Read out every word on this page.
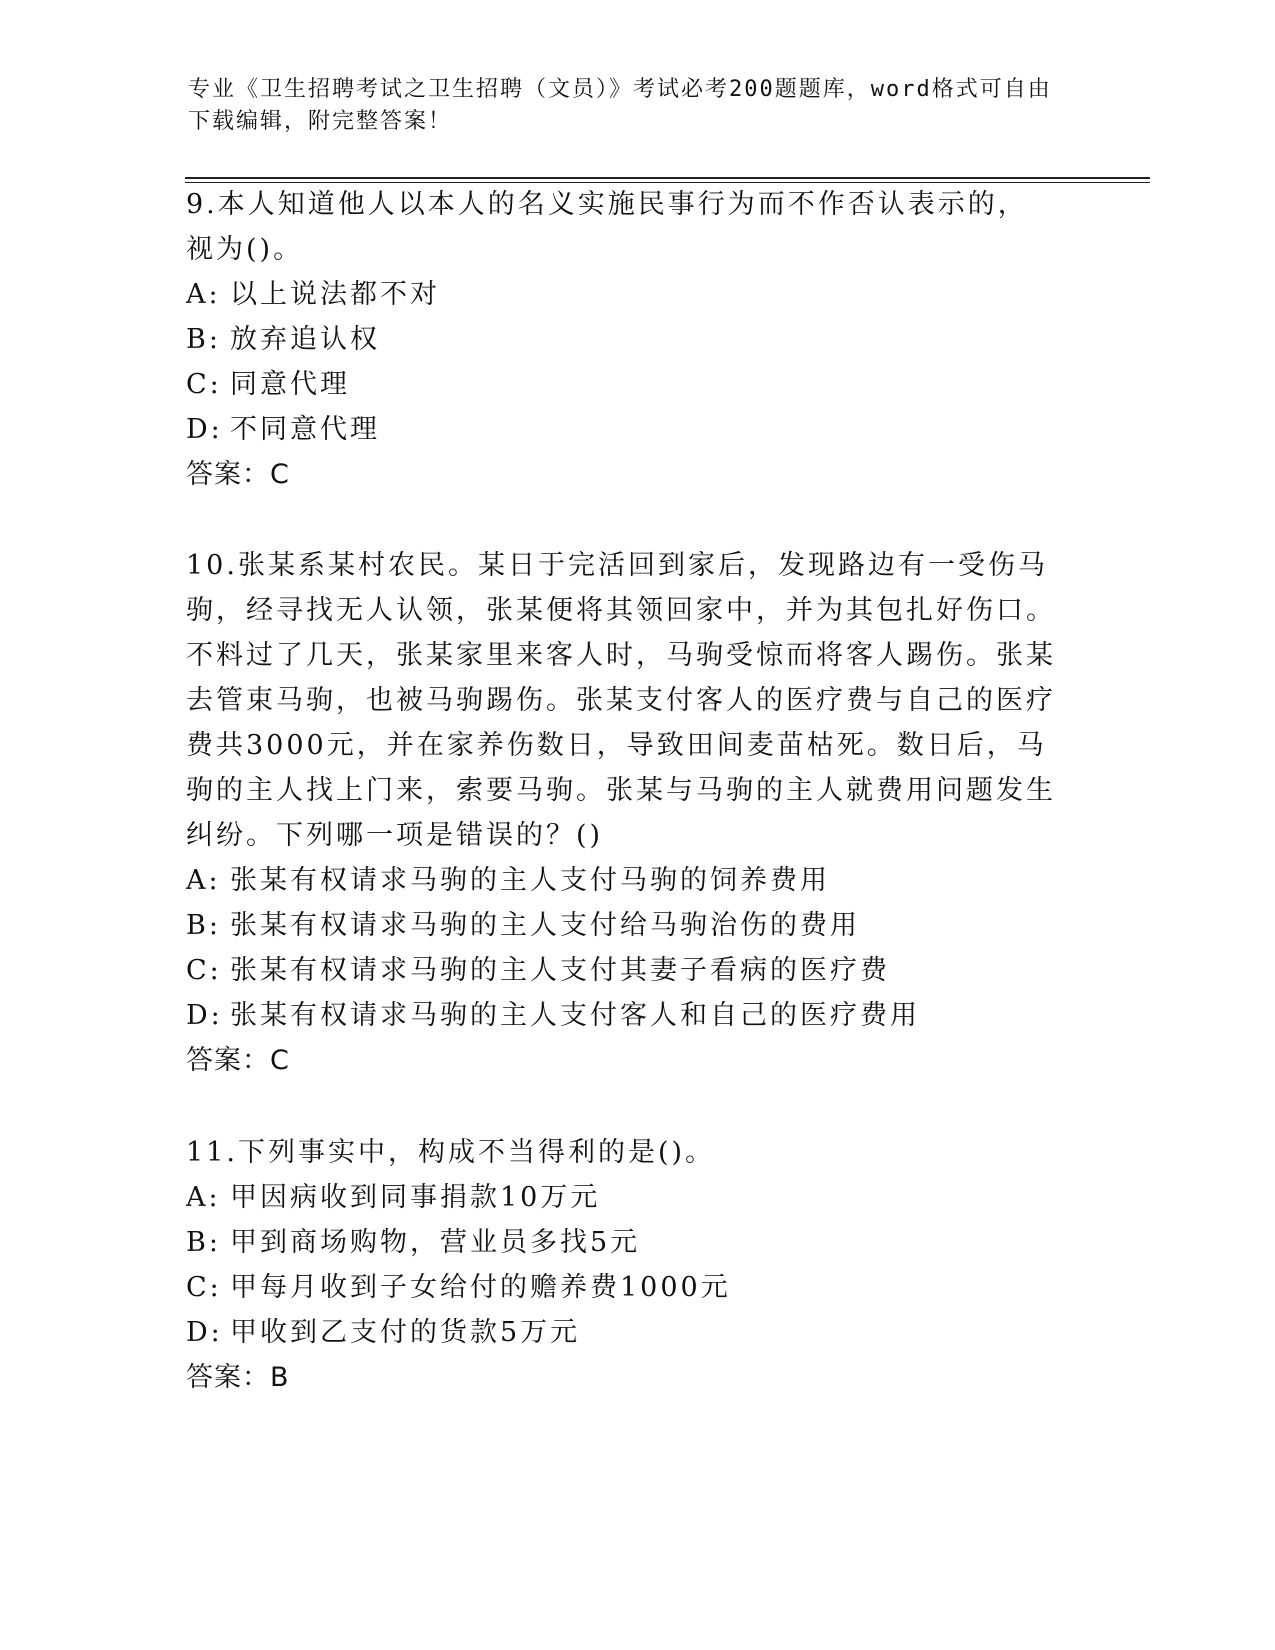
专业《卫生招聘考试之卫生招聘（文员）》考试必考200题题库，word格式可自由下载编辑，附完整答案！

9.本人知道他人以本人的名义实施民事行为而不作否认表示的，视为()。

A: 以上说法都不对

B: 放弃追认权

C: 同意代理

D: 不同意代理

答案：C

10.张某系某村农民。某日于完活回到家后，发现路边有一受伤马驹，经寻找无人认领，张某便将其领回家中，并为其包扎好伤口。不料过了几天，张某家里来客人时，马驹受惊而将客人踢伤。张某去管束马驹，也被马驹踢伤。张某支付客人的医疗费与自己的医疗费共3000元，并在家养伤数日，导致田间麦苗枯死。数日后，马驹的主人找上门来，索要马驹。张某与马驹的主人就费用问题发生纠纷。下列哪一项是错误的？()

A: 张某有权请求马驹的主人支付马驹的饲养费用

B: 张某有权请求马驹的主人支付给马驹治伤的费用

C: 张某有权请求马驹的主人支付其妻子看病的医疗费

D: 张某有权请求马驹的主人支付客人和自己的医疗费用

答案：C

11.下列事实中，构成不当得利的是()。

A: 甲因病收到同事捐款10万元

B: 甲到商场购物，营业员多找5元

C: 甲每月收到子女给付的赡养费1000元

D: 甲收到乙支付的货款5万元

答案：B
